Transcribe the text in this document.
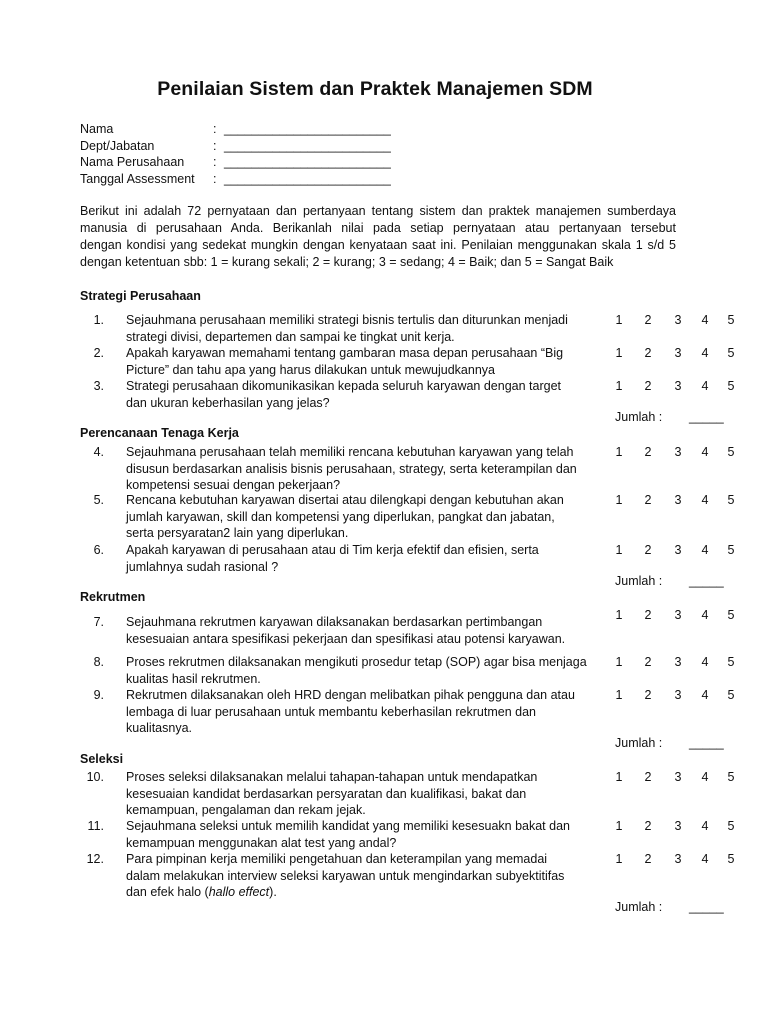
Penilaian Sistem dan Praktek Manajemen SDM
Nama	: ________________________
Dept/Jabatan	: ________________________
Nama Perusahaan : ________________________
Tanggal Assessment : ________________________

Berikut ini adalah 72 pernyataan dan pertanyaan tentang sistem dan praktek manajemen sumberdaya

manusia di perusahaan Anda. Berikanlah nilai pada setiap pernyataan atau pertanyaan tersebut

dengan kondisi yang sedekat mungkin dengan kenyataan saat ini. Penilaian menggunakan skala 1 s/d 5

dengan ketentuan sbb: 1 = kurang sekali; 2 = kurang; 3 = sedang; 4 = Baik; dan 5 = Sangat Baik

Strategi Perusahaan
1. Sejauhmana perusahaan memiliki strategi bisnis tertulis dan diturunkan menjadi
strategi divisi, departemen dan sampai ke tingkat unit kerja.
1 2 3 4 5
2. Apakah karyawan memahami tentang gambaran masa depan perusahaan “Big
Picture” dan tahu apa yang harus dilakukan untuk mewujudkannya
1 2 3 4 5
3. Strategi perusahaan dikomunikasikan kepada seluruh karyawan dengan target
dan ukuran keberhasilan yang jelas?
1 2 3 4 5
Jumlah : _____
Perencanaan Tenaga Kerja
4. Sejauhmana perusahaan telah memiliki rencana kebutuhan karyawan yang telah
disusun berdasarkan analisis bisnis perusahaan, strategy, serta keterampilan dan
kompetensi sesuai dengan pekerjaan?
1 2 3 4 5
5. Rencana kebutuhan karyawan disertai atau dilengkapi dengan kebutuhan akan
jumlah karyawan, skill dan kompetensi yang diperlukan, pangkat dan jabatan,
serta persyaratan2 lain yang diperlukan.
1 2 3 4 5
6. Apakah karyawan di perusahaan atau di Tim kerja efektif dan efisien, serta
jumlahnya sudah rasional ?
1 2 3 4 5
Jumlah : _____
Rekrutmen
7. Sejauhmana rekrutmen karyawan dilaksanakan berdasarkan pertimbangan
kesesuaian antara spesifikasi pekerjaan dan spesifikasi atau potensi karyawan.
1 2 3 4 5
8. Proses rekrutmen dilaksanakan mengikuti prosedur tetap (SOP) agar bisa menjaga
kualitas hasil rekrutmen.
1 2 3 4 5
9. Rekrutmen dilaksanakan oleh HRD dengan melibatkan pihak pengguna dan atau
lembaga di luar perusahaan untuk membantu keberhasilan rekrutmen dan
kualitasnya.
1 2 3 4 5
Jumlah : _____
Seleksi
10. Proses seleksi dilaksanakan melalui tahapan-tahapan untuk mendapatkan
kesesuaian kandidat berdasarkan persyaratan dan kualifikasi, bakat dan
kemampuan, pengalaman dan rekam jejak.
1 2 3 4 5
11. Sejauhmana seleksi untuk memilih kandidat yang memiliki kesesuakn bakat dan
kemampuan menggunakan alat test yang andal?
1 2 3 4 5
12. Para pimpinan kerja memiliki pengetahuan dan keterampilan yang memadai
dalam melakukan interview seleksi karyawan untuk mengindarkan subyektitifas
dan efek halo (hallo effect).
1 2 3 4 5
Jumlah : _____
